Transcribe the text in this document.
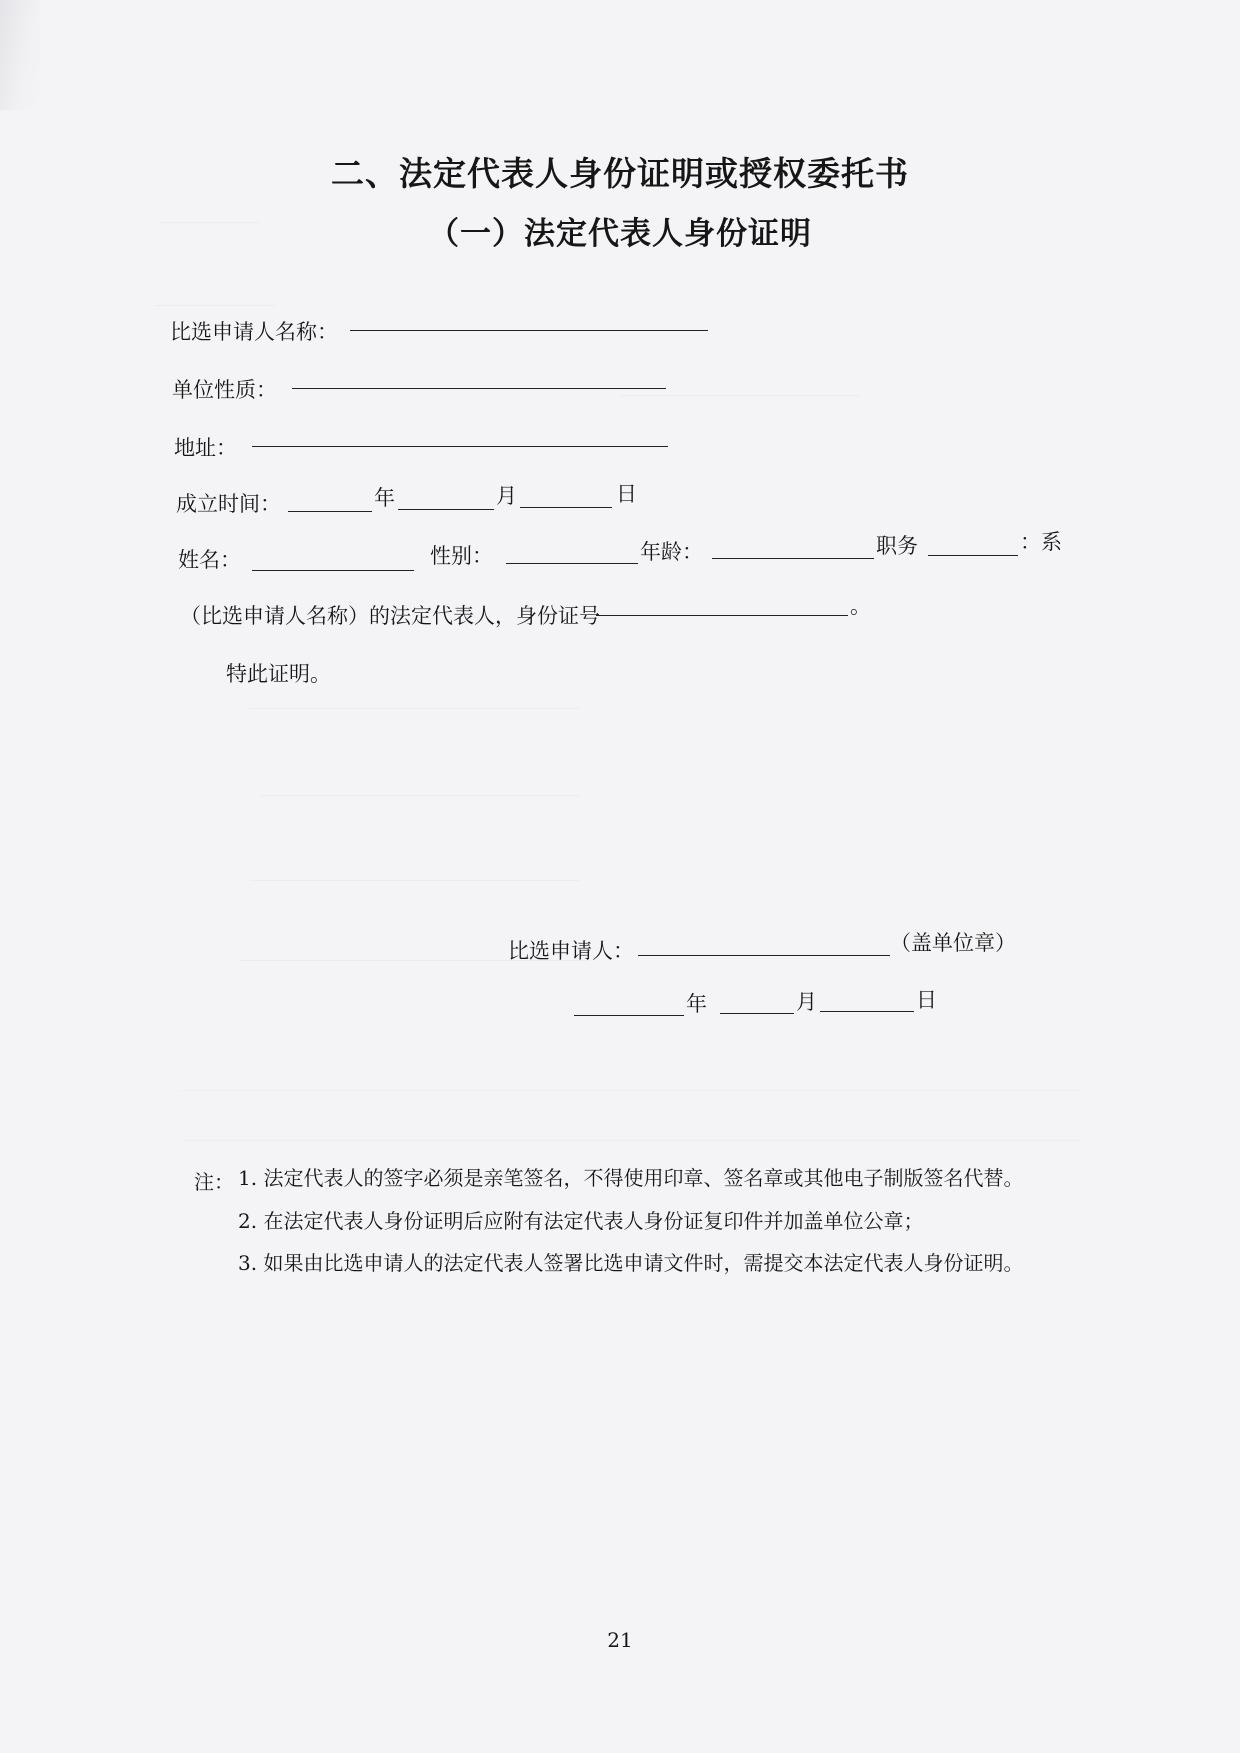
二、法定代表人身份证明或授权委托书
（一）法定代表人身份证明
比选申请人名称：
单位性质：
地址：
成立时间：	年	月	日
姓名：	性别：	年龄：	职务	：系
（比选申请人名称）的法定代表人，身份证号	。
特此证明。
比选申请人：	（盖单位章）
年	月	日
注： 1. 法定代表人的签字必须是亲笔签名，不得使用印章、签名章或其他电子制版签名代替。
2. 在法定代表人身份证明后应附有法定代表人身份证复印件并加盖单位公章；
3. 如果由比选申请人的法定代表人签署比选申请文件时，需提交本法定代表人身份证明。
21
